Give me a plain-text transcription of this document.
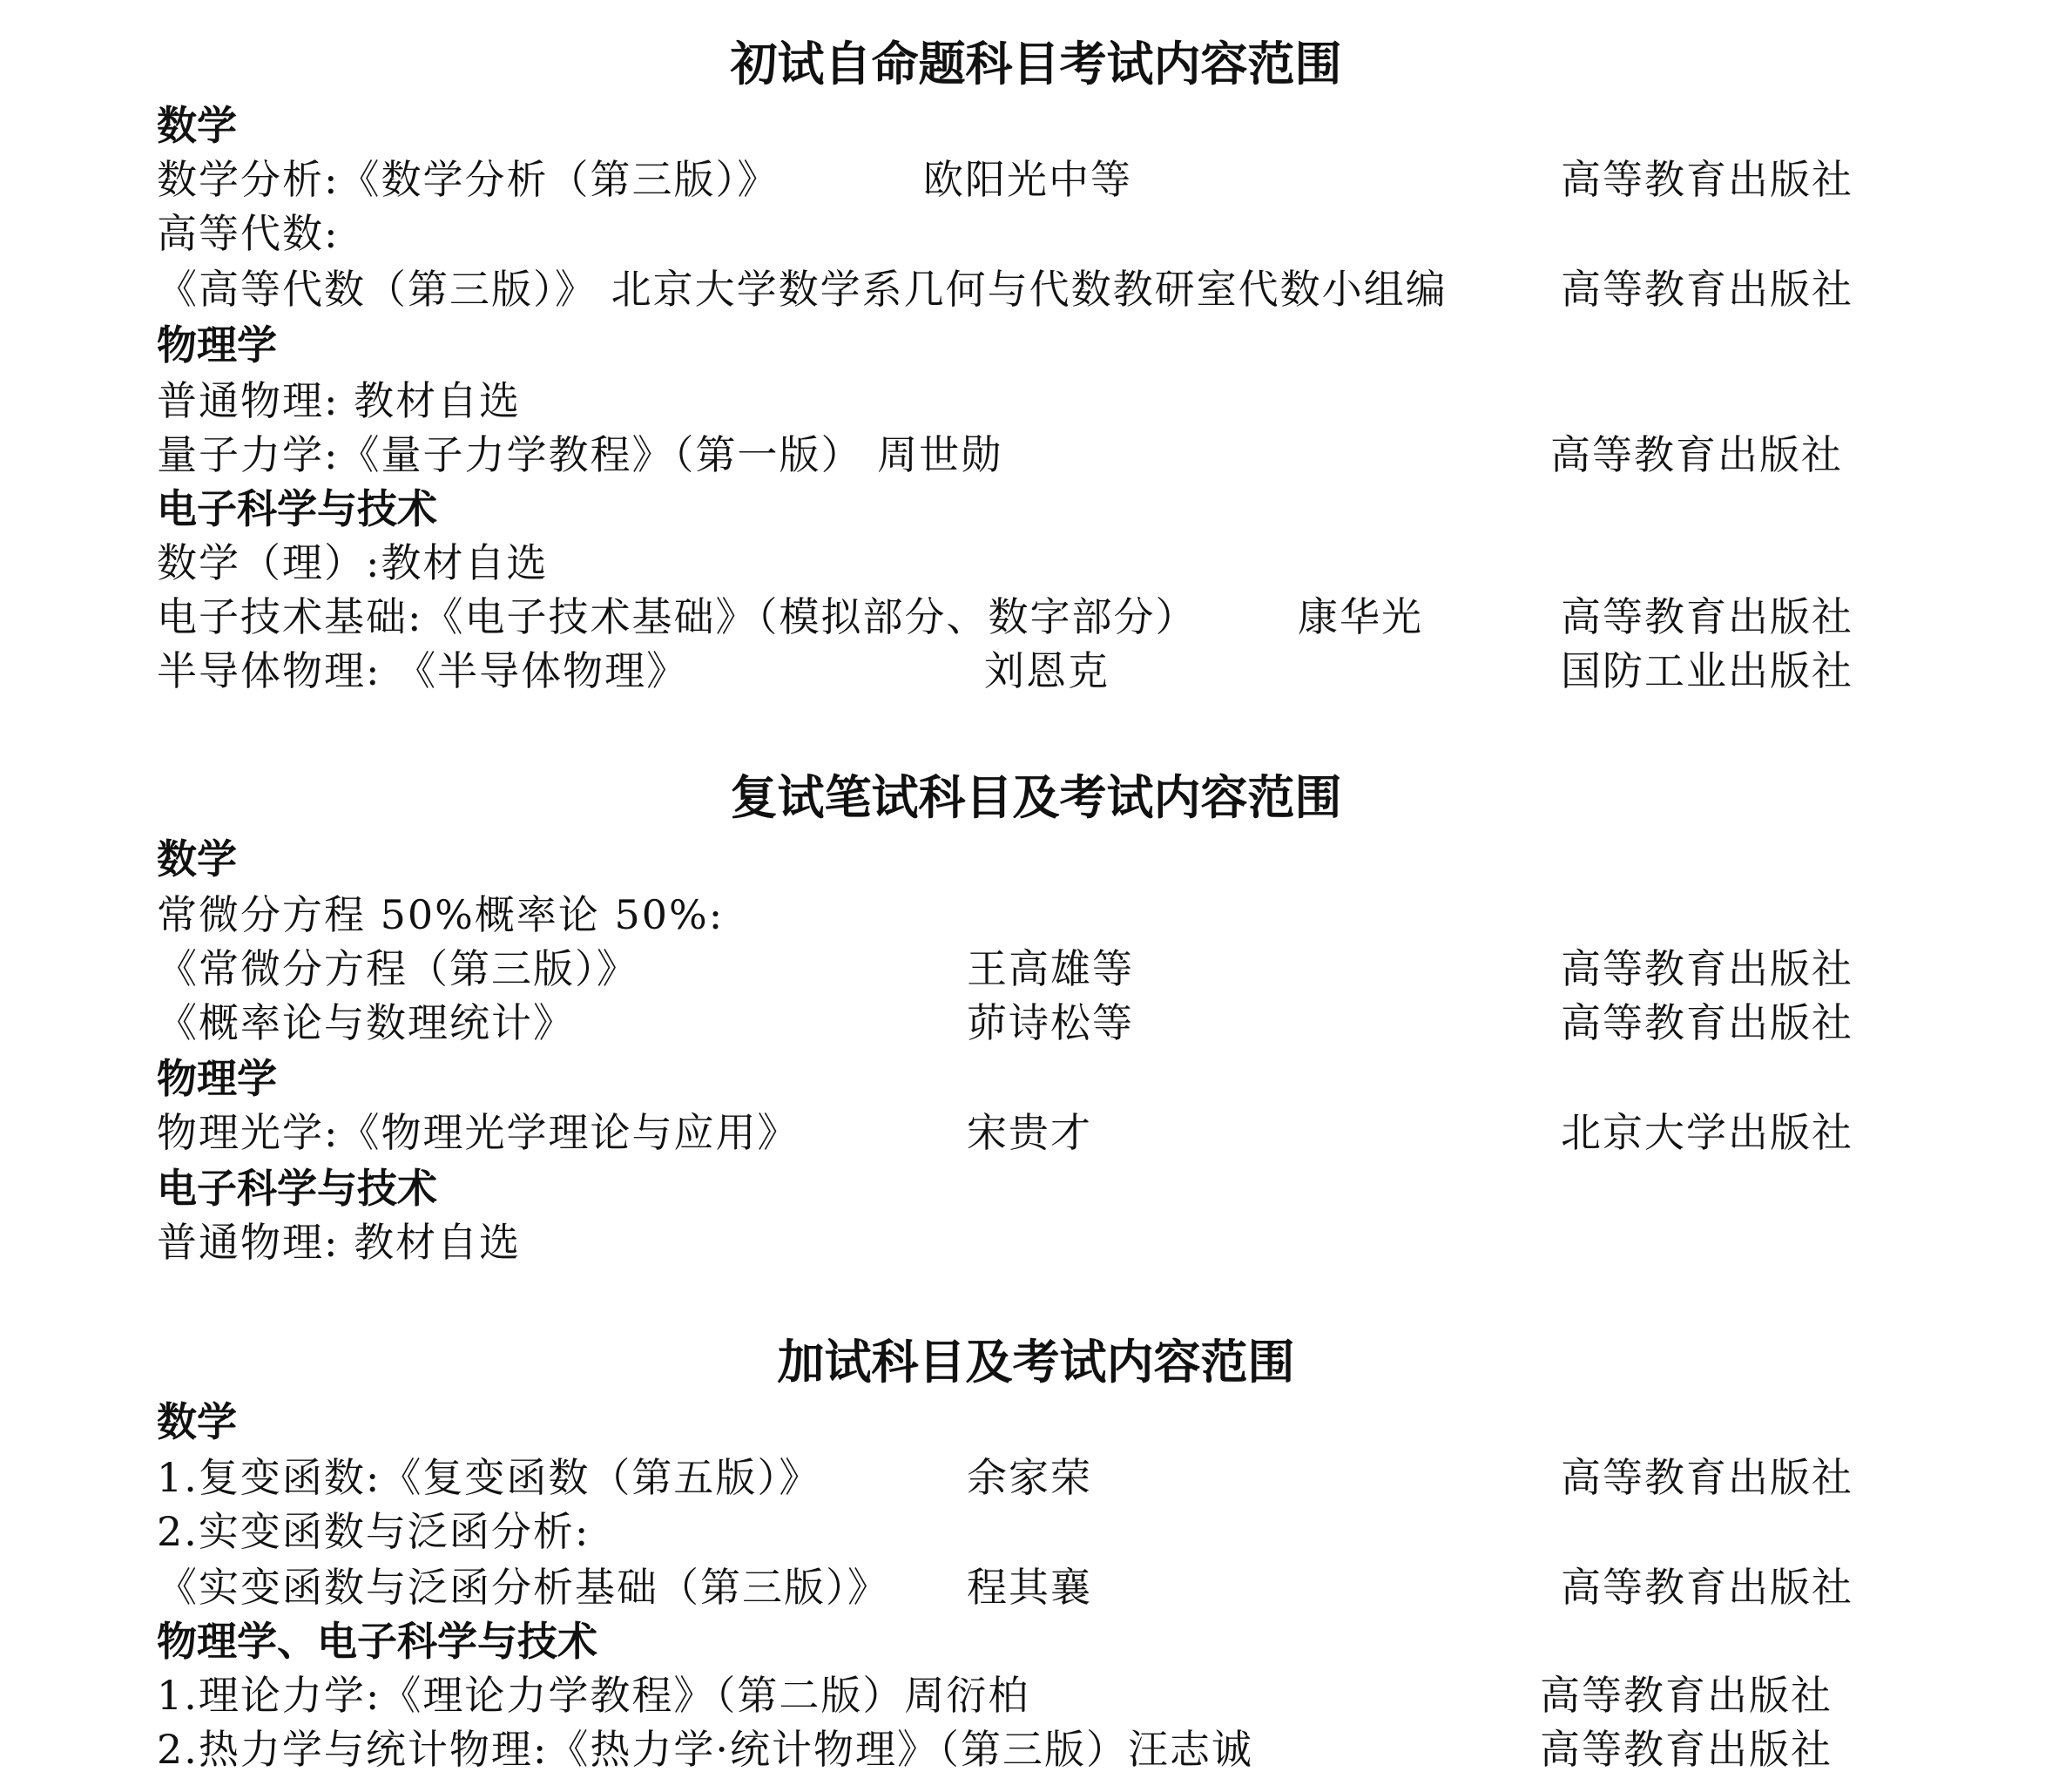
初试自命题科目考试内容范围
数学
数学分析:《数学分析（第三版）》	欧阳光中等	高等教育出版社
高等代数:
《高等代数（第三版）》 北京大学数学系几何与代数教研室代数小组编	高等教育出版社
物理学
普通物理: 教材自选
量子力学:《量子力学教程》（第一版） 周世勋	高等教育出版社
电子科学与技术
数学（理）:教材自选
电子技术基础:《电子技术基础》（模拟部分、数字部分）	康华光	高等教育出版社
半导体物理: 《半导体物理》	刘恩克	国防工业出版社
复试笔试科目及考试内容范围
数学
常微分方程 50%概率论 50%:
《常微分方程（第三版）》	王高雄等	高等教育出版社
《概率论与数理统计》	茆诗松等	高等教育出版社
物理学
物理光学:《物理光学理论与应用》	宋贵才	北京大学出版社
电子科学与技术
普通物理: 教材自选
加试科目及考试内容范围
数学
1.复变函数:《复变函数（第五版）》	余家荣	高等教育出版社
2.实变函数与泛函分析:
《实变函数与泛函分析基础（第三版）》 程其襄	高等教育出版社
物理学、电子科学与技术
1.理论力学:《理论力学教程》（第二版）周衍柏	高等教育出版社
2.热力学与统计物理:《热力学·统计物理》（第三版）汪志诚	高等教育出版社
